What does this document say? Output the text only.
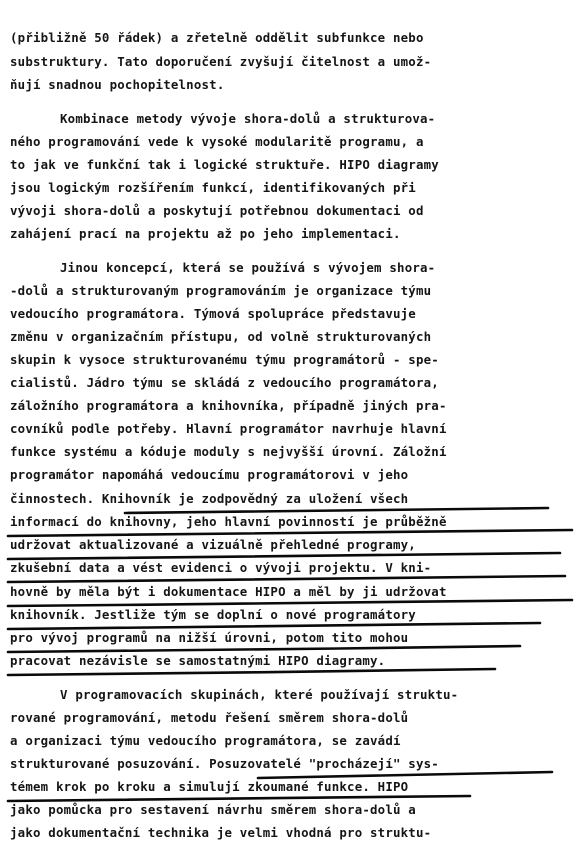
(přibližně 50 řádek) a zřetelně oddělit subfunkce nebo
substruktury. Tato doporučení zvyšují čitelnost a umož-
ňují snadnou pochopitelnost.
Kombinace metody vývoje shora-dolů a strukturova-
ného programování vede k vysoké modularitě programu, a
to jak ve funkční tak i logické struktuře. HIPO diagramy
jsou logickým rozšířením funkcí, identifikovaných při
vývoji shora-dolů a poskytují potřebnou dokumentaci od
zahájení prací na projektu až po jeho implementaci.
Jinou koncepcí, která se používá s vývojem shora-
-dolů a strukturovaným programováním je organizace týmu
vedoucího programátora. Týmová spolupráce představuje
změnu v organizačním přístupu, od volně strukturovaných
skupin k vysoce strukturovanému týmu programátorů - spe-
cialistů. Jádro týmu se skládá z vedoucího programátora,
záložního programátora a knihovníka, případně jiných pra-
covníků podle potřeby. Hlavní programátor navrhuje hlavní
funkce systému a kóduje moduly s nejvyšší úrovní. Záložní
programátor napomáhá vedoucímu programátorovi v jeho
činnostech. Knihovník je zodpovědný za uložení všech
informací do knihovny, jeho hlavní povinností je průběžně
udržovat aktualizované a vizuálně přehledné programy,
zkušební data a vést evidenci o vývoji projektu. V kni-
hovně by měla být i dokumentace HIPO a měl by ji udržovat
knihovník. Jestliže tým se doplní o nové programátory
pro vývoj programů na nižší úrovni, potom tito mohou
pracovat nezávisle se samostatnými HIPO diagramy.
V programovacích skupinách, které používají struktu-
rované programování, metodu řešení směrem shora-dolů
a organizaci týmu vedoucího programátora, se zavádí
strukturované posuzování. Posuzovatelé "procházejí" sys-
témem krok po kroku a simulují zkoumané funkce. HIPO
jako pomůcka pro sestavení návrhu směrem shora-dolů a
jako dokumentační technika je velmi vhodná pro struktu-
